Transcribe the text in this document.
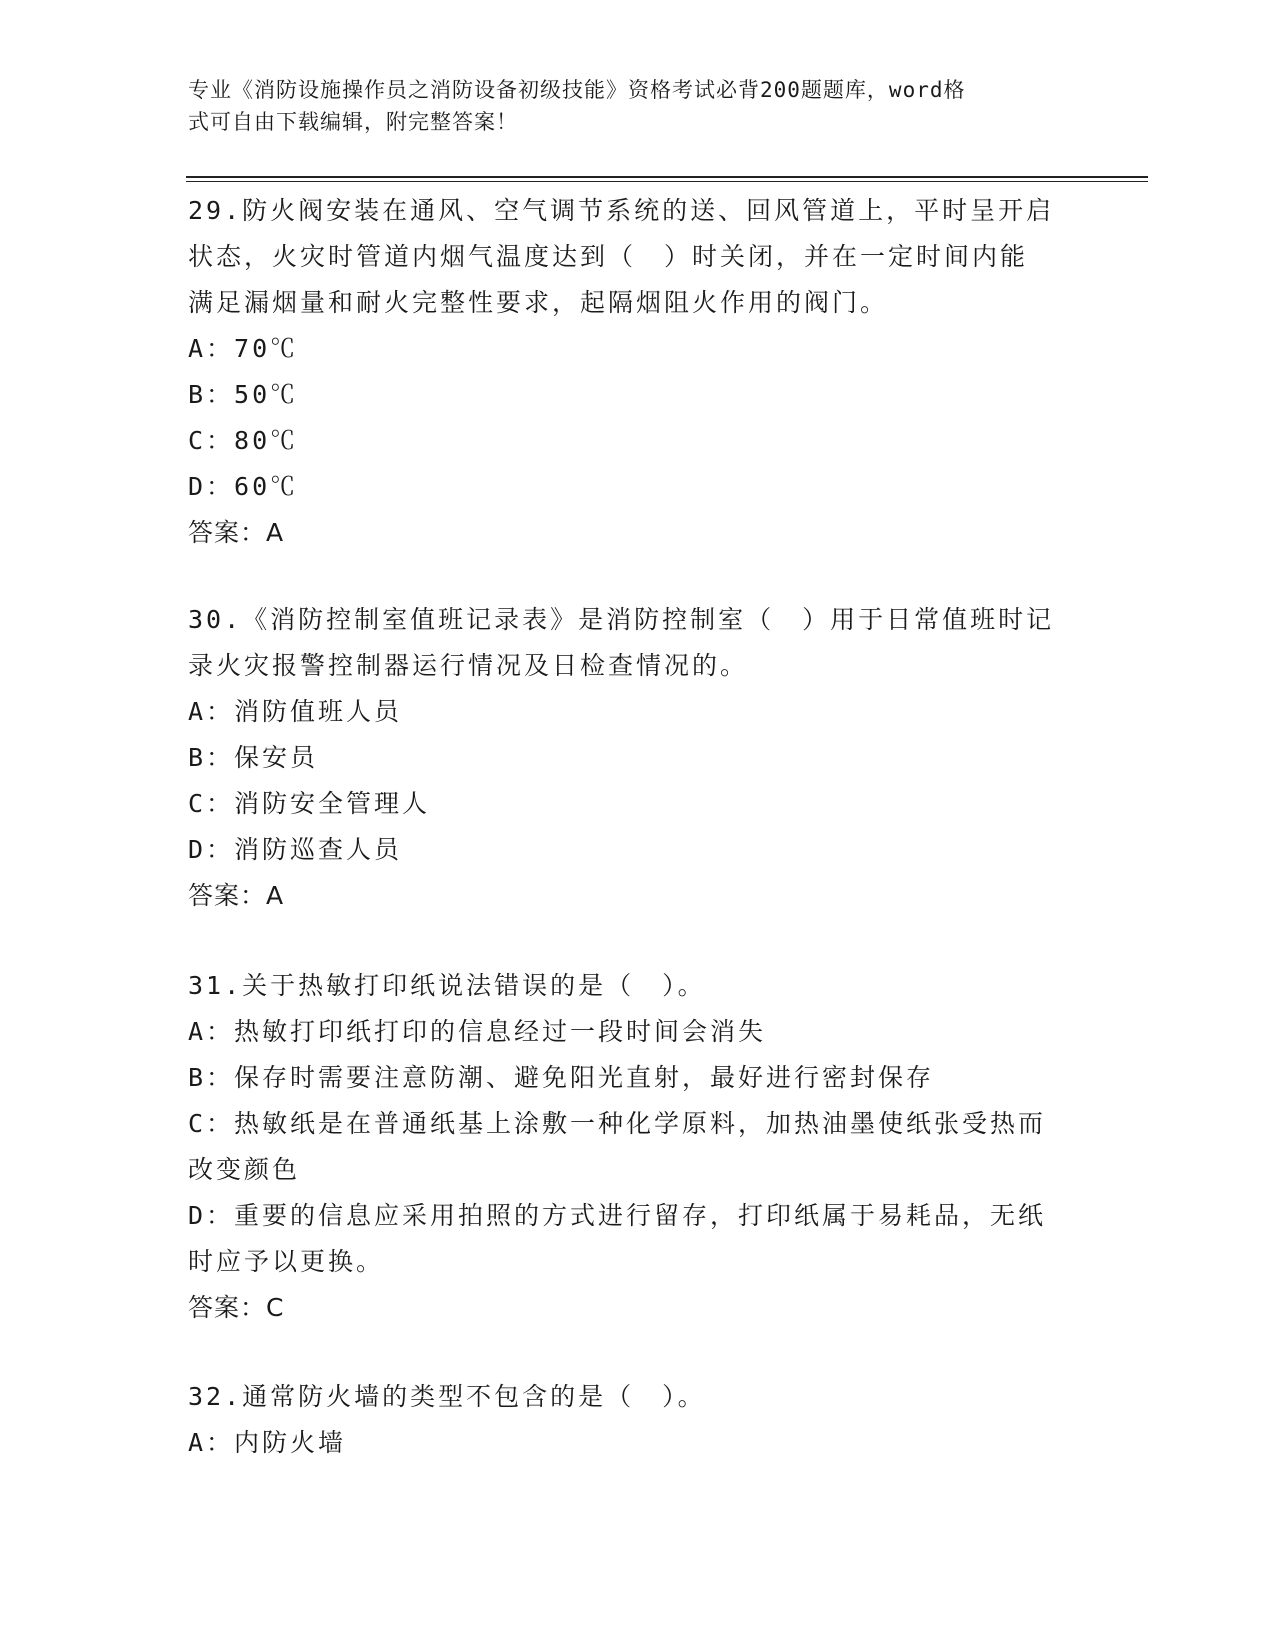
专业《消防设施操作员之消防设备初级技能》资格考试必背200题题库，word格
式可自由下载编辑，附完整答案！
29.防火阀安装在通风、空气调节系统的送、回风管道上，平时呈开启
状态，火灾时管道内烟气温度达到（　）时关闭，并在一定时间内能
满足漏烟量和耐火完整性要求，起隔烟阻火作用的阀门。
A：70℃
B：50℃
C：80℃
D：60℃
答案：A
30.《消防控制室值班记录表》是消防控制室（　）用于日常值班时记
录火灾报警控制器运行情况及日检查情况的。
A：消防值班人员
B：保安员
C：消防安全管理人
D：消防巡查人员
答案：A
31.关于热敏打印纸说法错误的是（　）。
A：热敏打印纸打印的信息经过一段时间会消失
B：保存时需要注意防潮、避免阳光直射，最好进行密封保存
C：热敏纸是在普通纸基上涂敷一种化学原料，加热油墨使纸张受热而
改变颜色
D：重要的信息应采用拍照的方式进行留存，打印纸属于易耗品，无纸
时应予以更换。
答案：C
32.通常防火墙的类型不包含的是（　）。
A：内防火墙
